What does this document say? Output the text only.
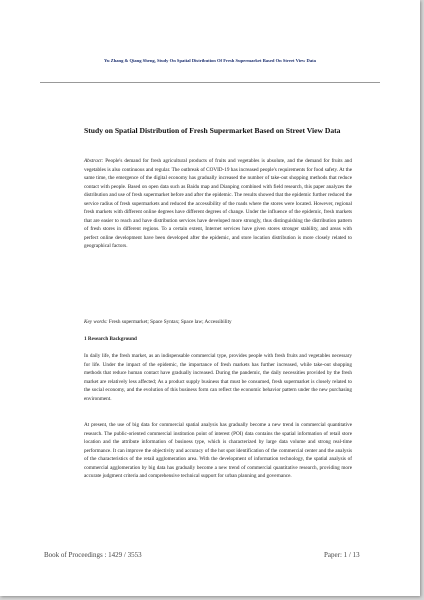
Yu Zhang & Qiang Sheng, Study On Spatial Distribution Of Fresh Supermarket Based On Street View Data
Study on Spatial Distribution of Fresh Supermarket Based on Street View Data
Abstract: People's demand for fresh agricultural products of fruits and vegetables is absolute, and the demand for fruits and vegetables is also continuous and regular. The outbreak of COVID-19 has increased people's requirements for food safety. At the same time, the emergence of the digital economy has gradually increased the number of take-out shopping methods that reduce contact with people. Based on open data such as Baidu map and Dianping combined with field research, this paper analyzes the distribution and use of fresh supermarket before and after the epidemic. The results showed that the epidemic further reduced the service radius of fresh supermarkets and reduced the accessibility of the roads where the stores were located. However, regional fresh markets with different online degrees have different degrees of change. Under the influence of the epidemic, fresh markets that are easier to reach and have distribution services have developed more strongly, thus distinguishing the distribution pattern of fresh stores in different regions. To a certain extent, Internet services have given stores stronger stability, and areas with perfect online development have been developed after the epidemic, and store location distribution is more closely related to geographical factors.
Key words: Fresh supermarket; Space Syntax; Space law; Accessibility
1 Research Background
In daily life, the fresh market, as an indispensable commercial type, provides people with fresh fruits and vegetables necessary for life. Under the impact of the epidemic, the importance of fresh markets has further increased, while take-out shopping methods that reduce human contact have gradually increased. During the pandemic, the daily necessities provided by the fresh market are relatively less affected; As a product supply business that must be consumed, fresh supermarket is closely related to the social economy, and the evolution of this business form can reflect the economic behavior pattern under the new purchasing environment.
At present, the use of big data for commercial spatial analysis has gradually become a new trend in commercial quantitative research. The public-oriented commercial institution point of interest (POI) data contains the spatial information of retail store location and the attribute information of business type, which is characterized by large data volume and strong real-time performance. It can improve the objectivity and accuracy of the hot spot identification of the commercial center and the analysis of the characteristics of the retail agglomeration area. With the development of information technology, the spatial analysis of commercial agglomeration by big data has gradually become a new trend of commercial quantitative research, providing more accurate judgment criteria and comprehensive technical support for urban planning and governance.
Book of Proceedings : 1429 / 3553	Paper: 1 / 13
